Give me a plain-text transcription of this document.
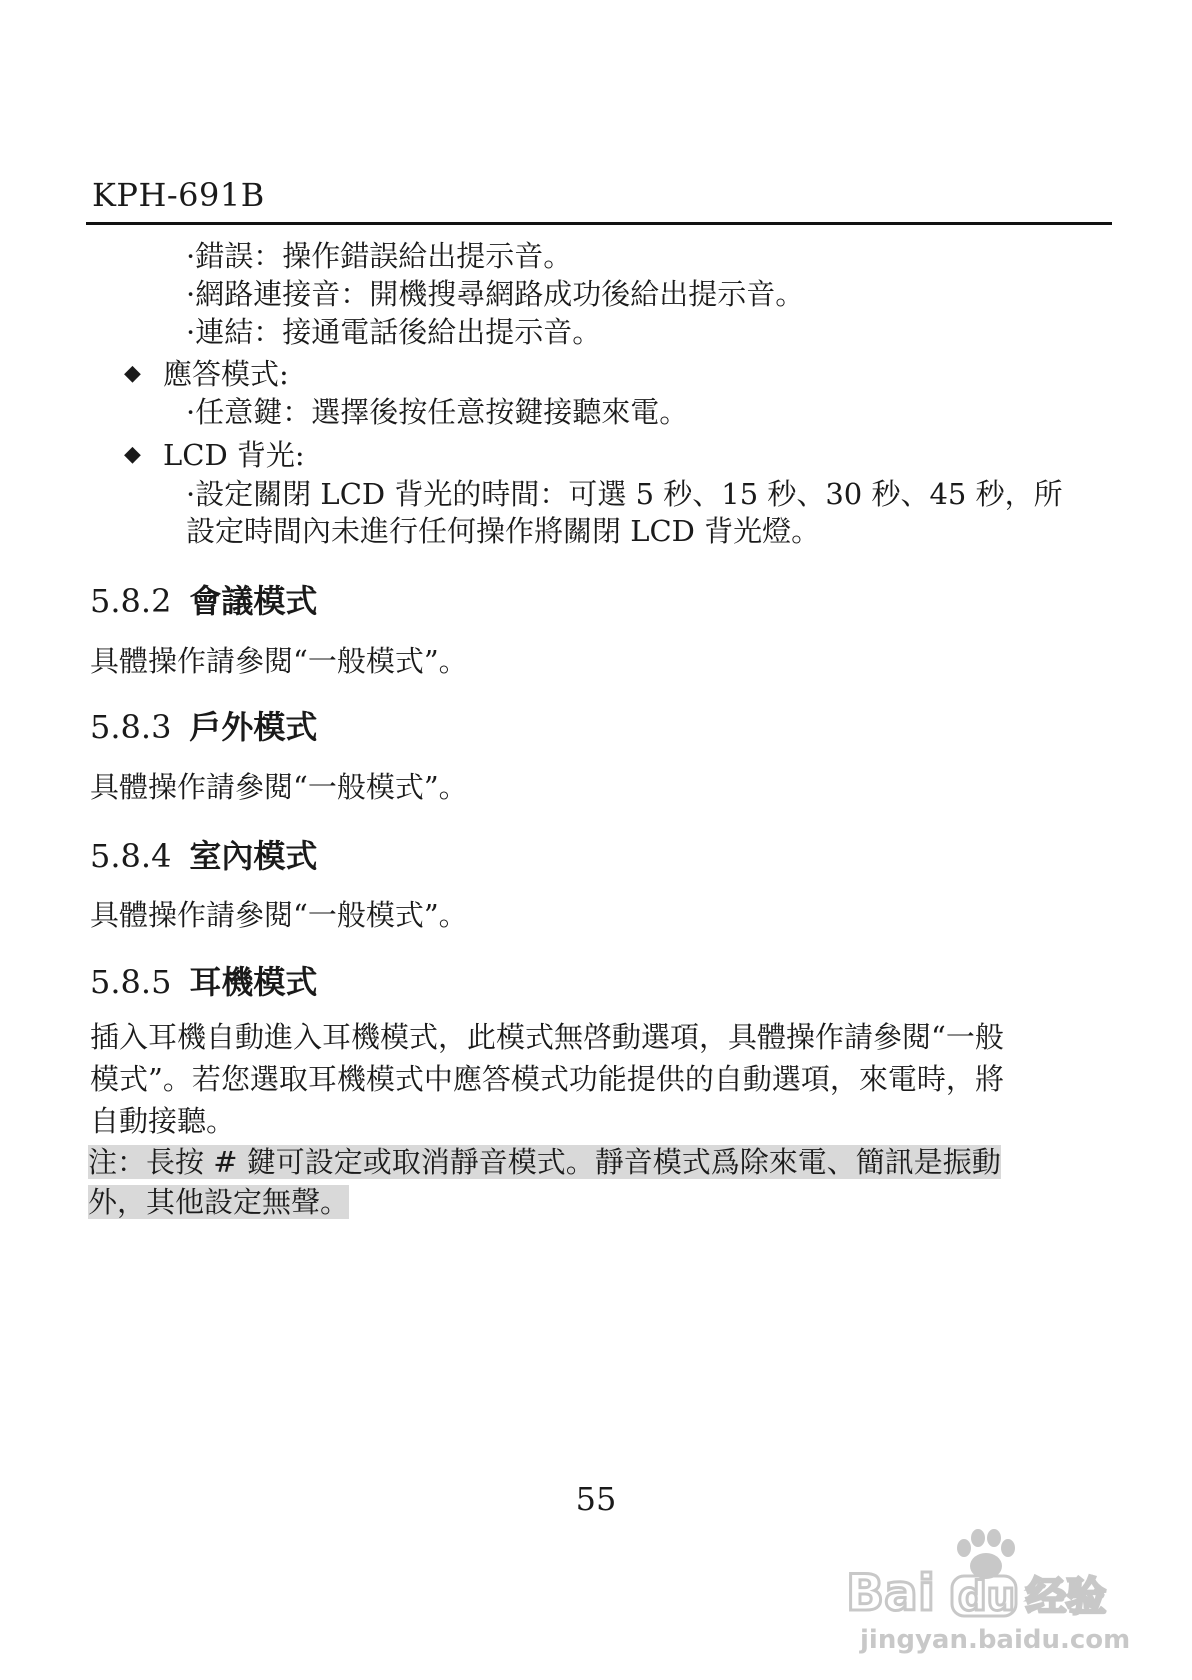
KPH-691B
·錯誤：操作錯誤給出提示音。
·網路連接音：開機搜尋網路成功後給出提示音。
·連結：接通電話後給出提示音。
◆ 應答模式:
·任意鍵：選擇後按任意按鍵接聽來電。
◆ LCD 背光:
·設定關閉 LCD 背光的時間：可選 5 秒、15 秒、30 秒、45 秒，所
設定時間內未進行任何操作將關閉 LCD 背光燈。
5.8.2 會議模式
具體操作請參閱“一般模式”。
5.8.3 戶外模式
具體操作請參閱“一般模式”。
5.8.4 室內模式
具體操作請參閱“一般模式”。
5.8.5 耳機模式
插入耳機自動進入耳機模式，此模式無啓動選項，具體操作請參閱“一般
模式”。若您選取耳機模式中應答模式功能提供的自動選項，來電時，將
自動接聽。
注：長按 # 鍵可設定或取消靜音模式。靜音模式爲除來電、簡訊是振動
外，其他設定無聲。
55
Bai du 经验
jingyan.baidu.com
